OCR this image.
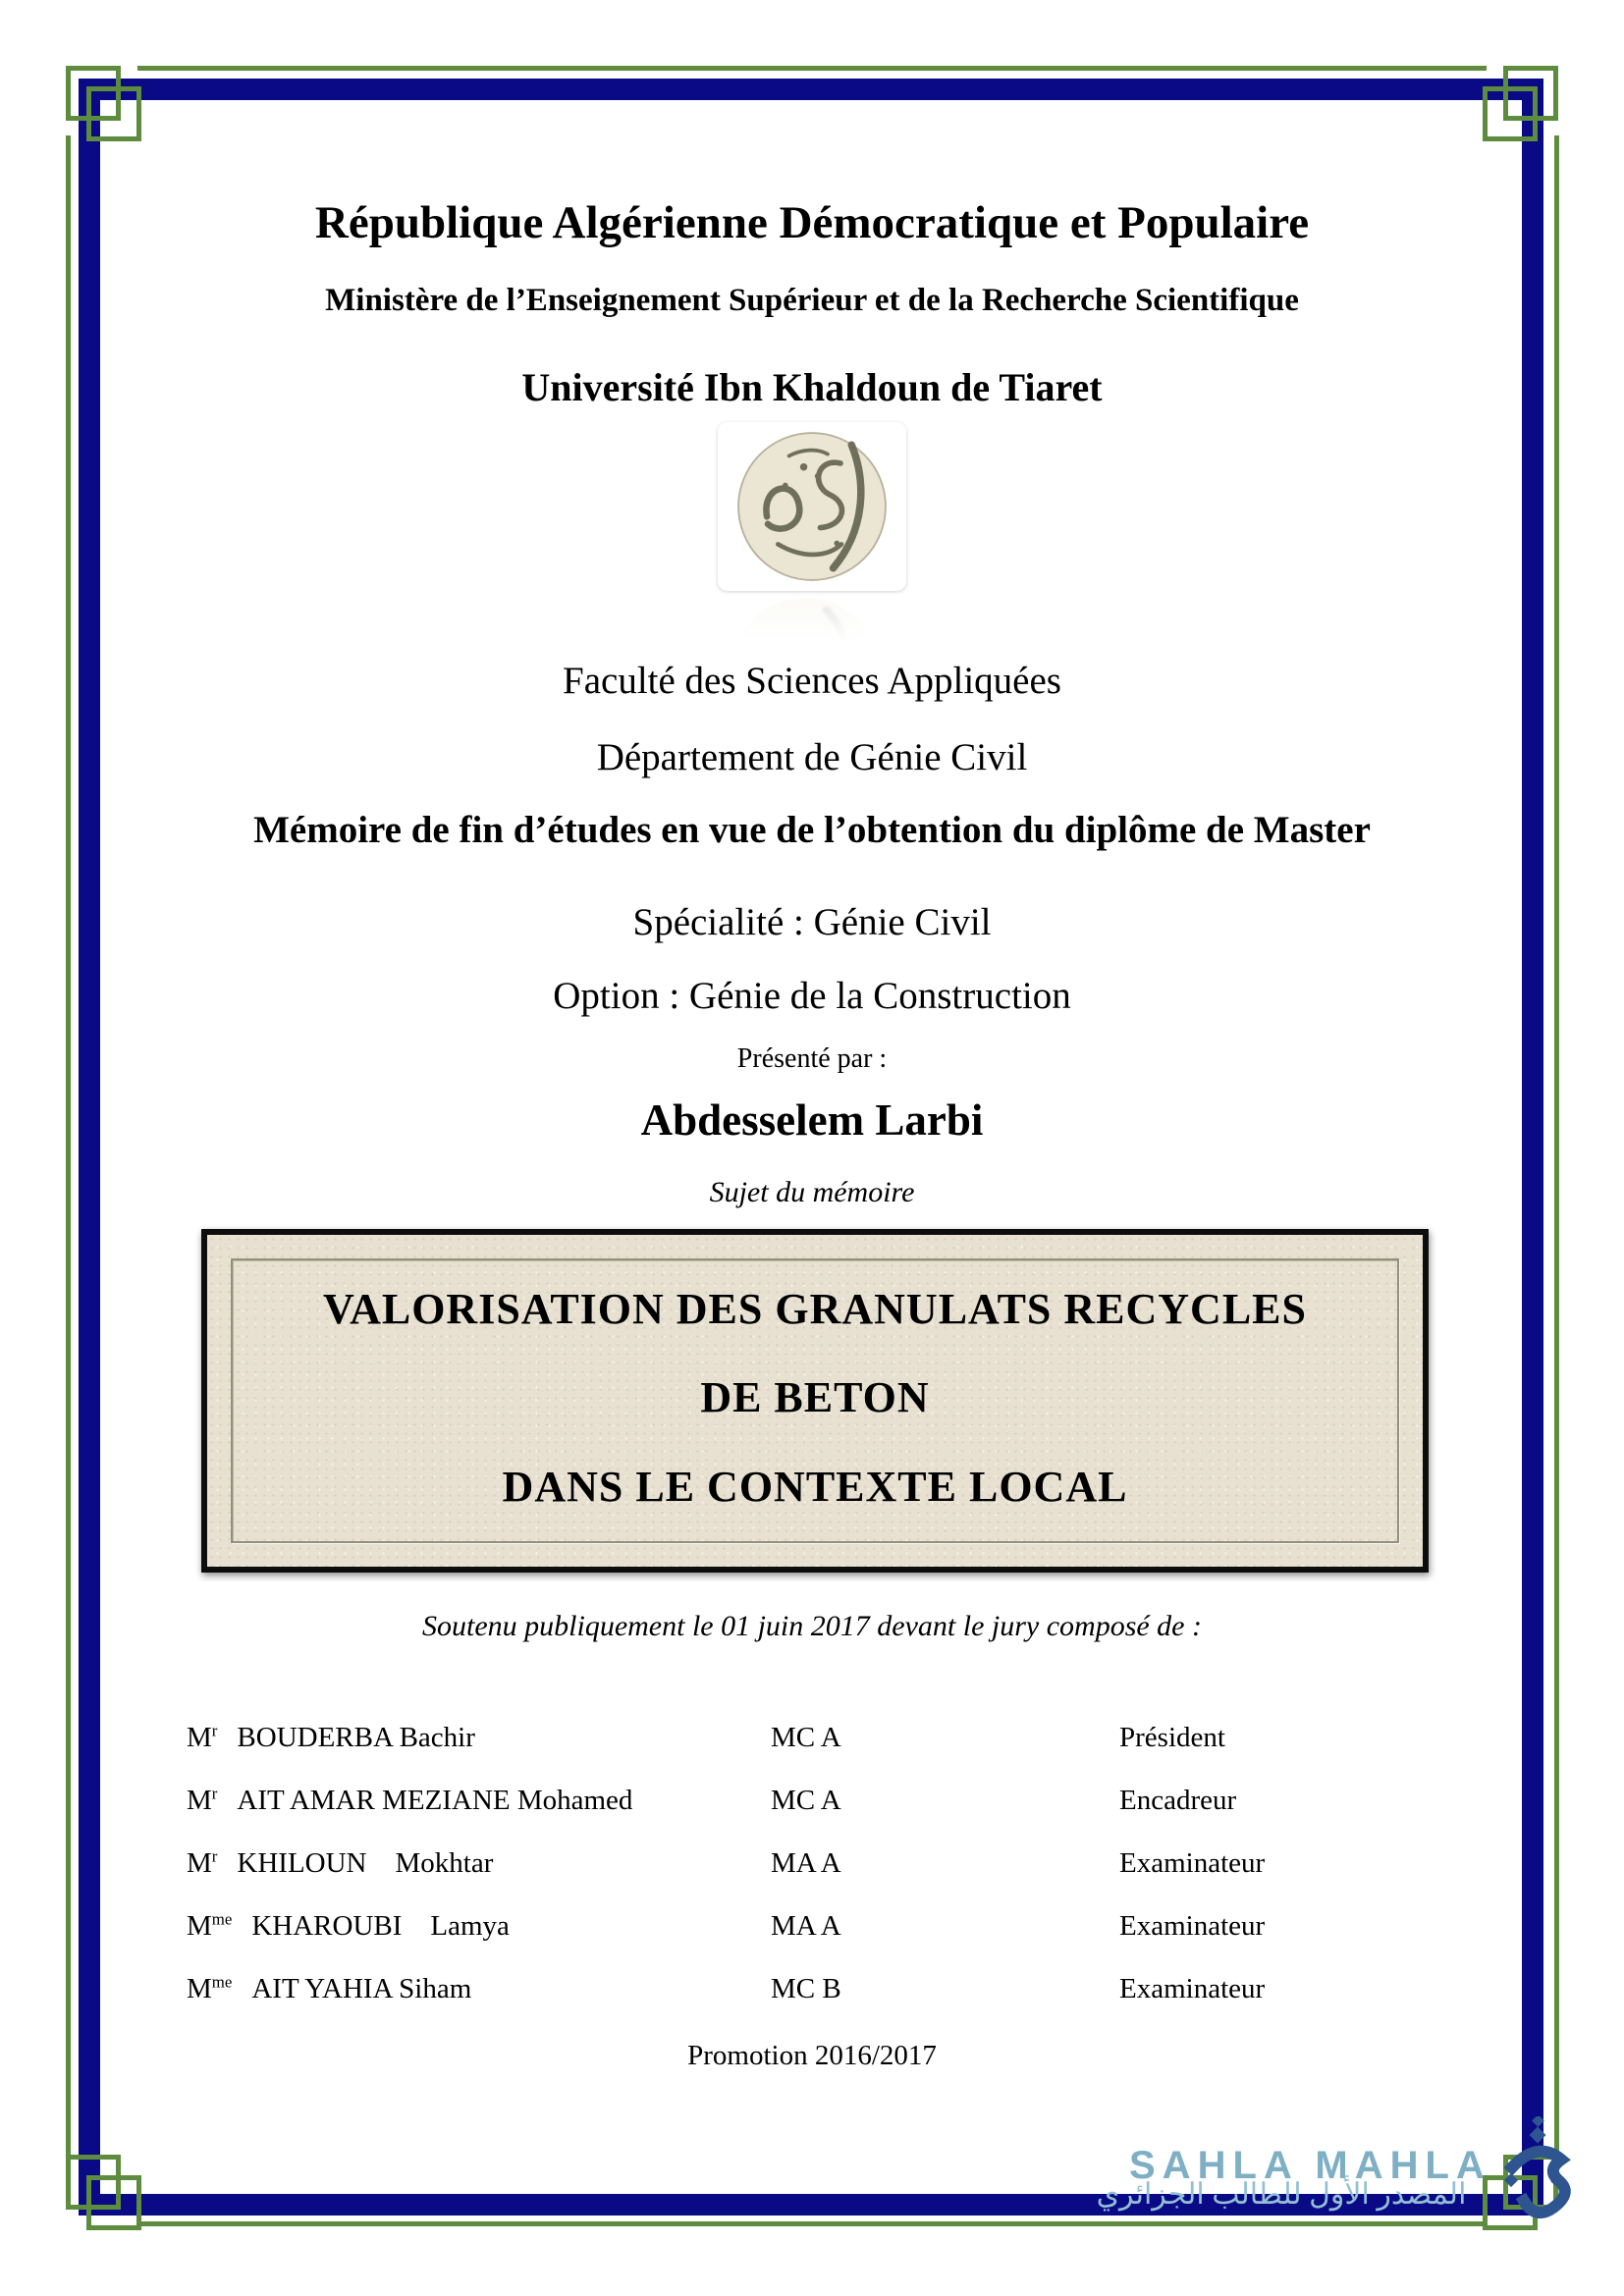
République Algérienne Démocratique et Populaire
Ministère de l’Enseignement Supérieur et de la Recherche Scientifique
Université Ibn Khaldoun de Tiaret
Faculté des Sciences Appliquées
Département de Génie Civil
Mémoire de fin d’études en vue de l’obtention du diplôme de Master
Spécialité : Génie Civil
Option : Génie de la Construction
Présenté par :
Abdesselem Larbi
Sujet du mémoire
VALORISATION DES GRANULATS RECYCLES
DE BETON
DANS LE CONTEXTE LOCAL
Soutenu publiquement le 01 juin 2017 devant le jury composé de :
$M^r$ BOUDERBA Bachir	MC A	Président
$M^r$ AIT AMAR MEZIANE Mohamed	MC A	Encadreur
$M^r$ KHILOUN    Mokhtar	MA A	Examinateur
$M^{me}$ KHAROUBI    Lamya	MA A	Examinateur
$M^{me}$ AIT YAHIA Siham	MC B	Examinateur
Promotion 2016/2017
SAHLA MAHLA
المصدر الأول للطالب الجزائري
